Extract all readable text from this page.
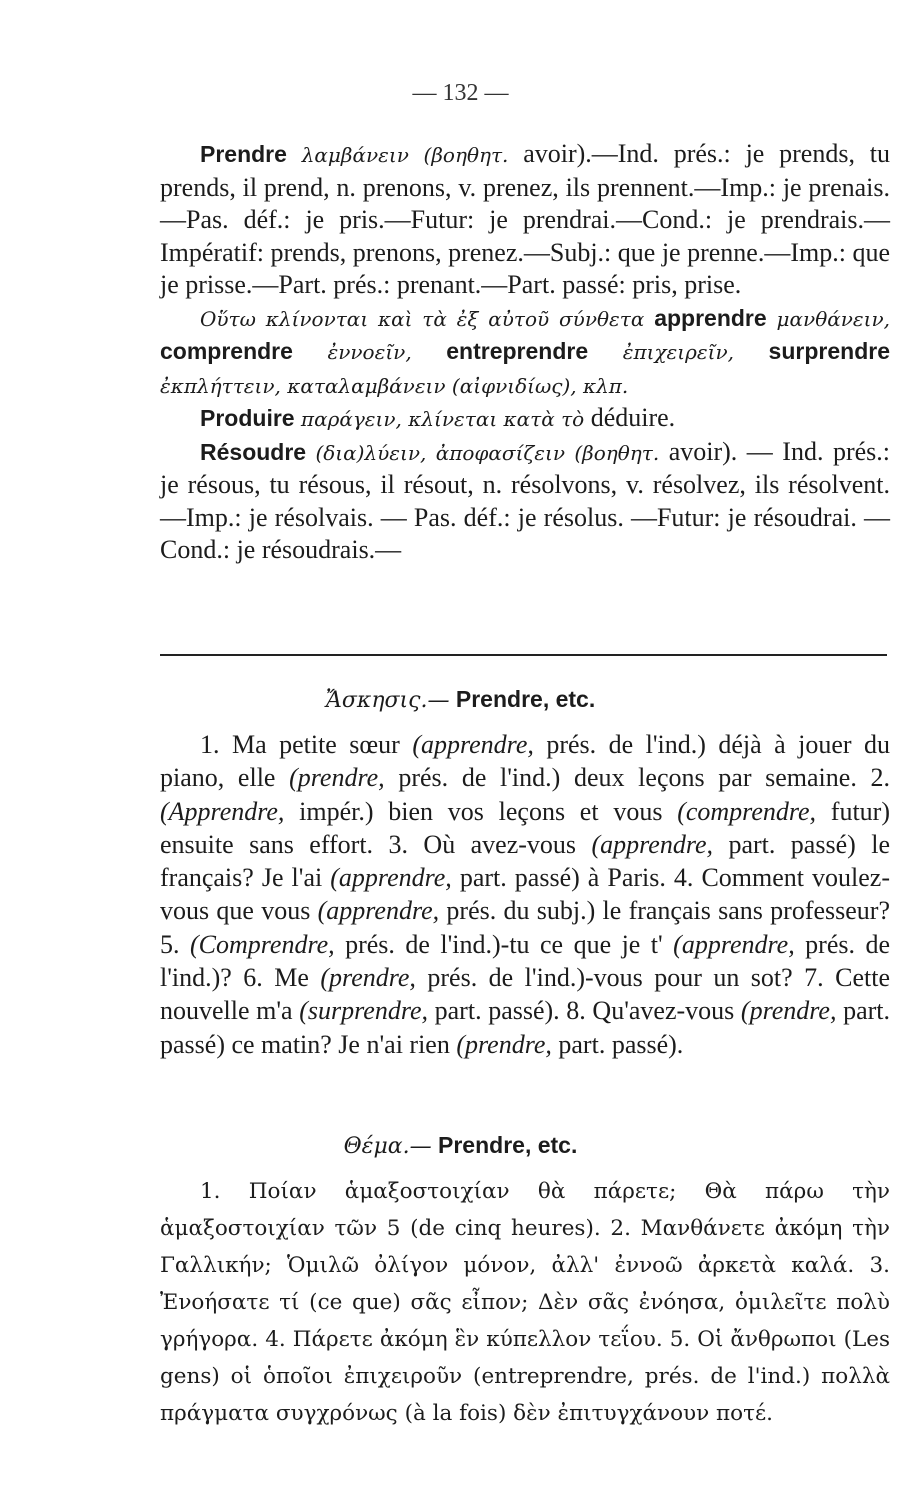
— 132 —

Prendre λαμβάνειν (βοηθητ. avoir).—Ind. prés.: je prends, tu prends, il prend, n. prenons, v. prenez, ils prennent.—Imp.: je prenais.—Pas. déf.: je pris.—Futur: je prendrai.—Cond.: je prendrais.—Impératif: prends, prenons, prenez.—Subj.: que je prenne.—Imp.: que je prisse.—Part. prés.: prenant.—Part. passé: pris, prise.

Οὕτω κλίνονται καὶ τὰ ἐξ αὐτοῦ σύνθετα apprendre μανθάνειν, comprendre ἐννοεῖν, entreprendre ἐπιχειρεῖν, surprendre ἐκπλήττειν, καταλαμβάνειν (αἰφνιδίως), κλπ.

Produire παράγειν, κλίνεται κατὰ τὸ déduire.

Résoudre (δια)λύειν, ἀποφασίζειν (βοηθητ. avoir). — Ind. prés.: je résous, tu résous, il résout, n. résolvons, v. résolvez, ils résolvent. —Imp.: je résolvais. — Pas. déf.: je résolus. —Futur: je résoudrai. — Cond.: je résoudrais.—

Ἄσκησις.— Prendre, etc.

1. Ma petite sœur (apprendre, prés. de l'ind.) déjà à jouer du piano, elle (prendre, prés. de l'ind.) deux leçons par semaine. 2. (Apprendre, impér.) bien vos leçons et vous (comprendre, futur) ensuite sans effort. 3. Où avez-vous (apprendre, part. passé) le français? Je l'ai (apprendre, part. passé) à Paris. 4. Comment voulez-vous que vous (apprendre, prés. du subj.) le français sans professeur? 5. (Comprendre, prés. de l'ind.)-tu ce que je t' (apprendre, prés. de l'ind.)? 6. Me (prendre, prés. de l'ind.)-vous pour un sot? 7. Cette nouvelle m'a (surprendre, part. passé). 8. Qu'avez-vous (prendre, part. passé) ce matin? Je n'ai rien (prendre, part. passé).

Θέμα.— Prendre, etc.

1. Ποίαν ἁμαξοστοιχίαν θὰ πάρετε; Θὰ πάρω τὴν ἁμαξοστοιχίαν τῶν 5 (de cinq heures). 2. Μανθάνετε ἀκόμη τὴν Γαλλικήν; Ὁμιλῶ ὀλίγον μόνον, ἀλλ' ἐννοῶ ἀρκετὰ καλά. 3. Ἐνοήσατε τί (ce que) σᾶς εἶπον; Δὲν σᾶς ἐνόησα, ὁμιλεῖτε πολὺ γρήγορα. 4. Πάρετε ἀκόμη ἓν κύπελλον τεΐου. 5. Οἱ ἄνθρωποι (Les gens) οἱ ὁποῖοι ἐπιχειροῦν (entreprendre, prés. de l'ind.) πολλὰ πράγματα συγχρόνως (à la fois) δὲν ἐπιτυγχάνουν ποτέ.
